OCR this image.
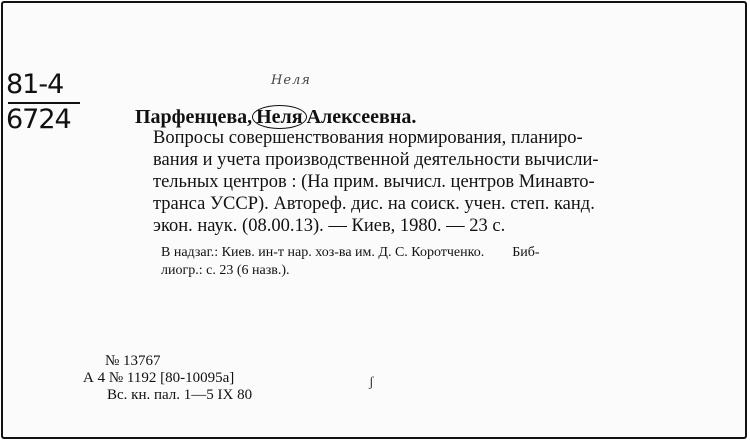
81-4
6724
Неля
Парфенцева, Неля Алексеевна.
Вопросы совершенствования нормирования, планиро-
вания и учета производственной деятельности вычисли-
тельных центров : (На прим. вычисл. центров Минавто-
транса УССР). Автореф. дис. на соиск. учен. степ. канд.
экон. наук. (08.00.13). — Киев, 1980. — 23 с.
В надзаг.: Киев. ин-т нар. хоз-ва им. Д. С. Коротченко. Биб-
лиогр.: с. 23 (6 назв.).
№ 13767
А 4 № 1192 [80-10095а]
Вс. кн. пал. 1—5 IX 80
ʃ
